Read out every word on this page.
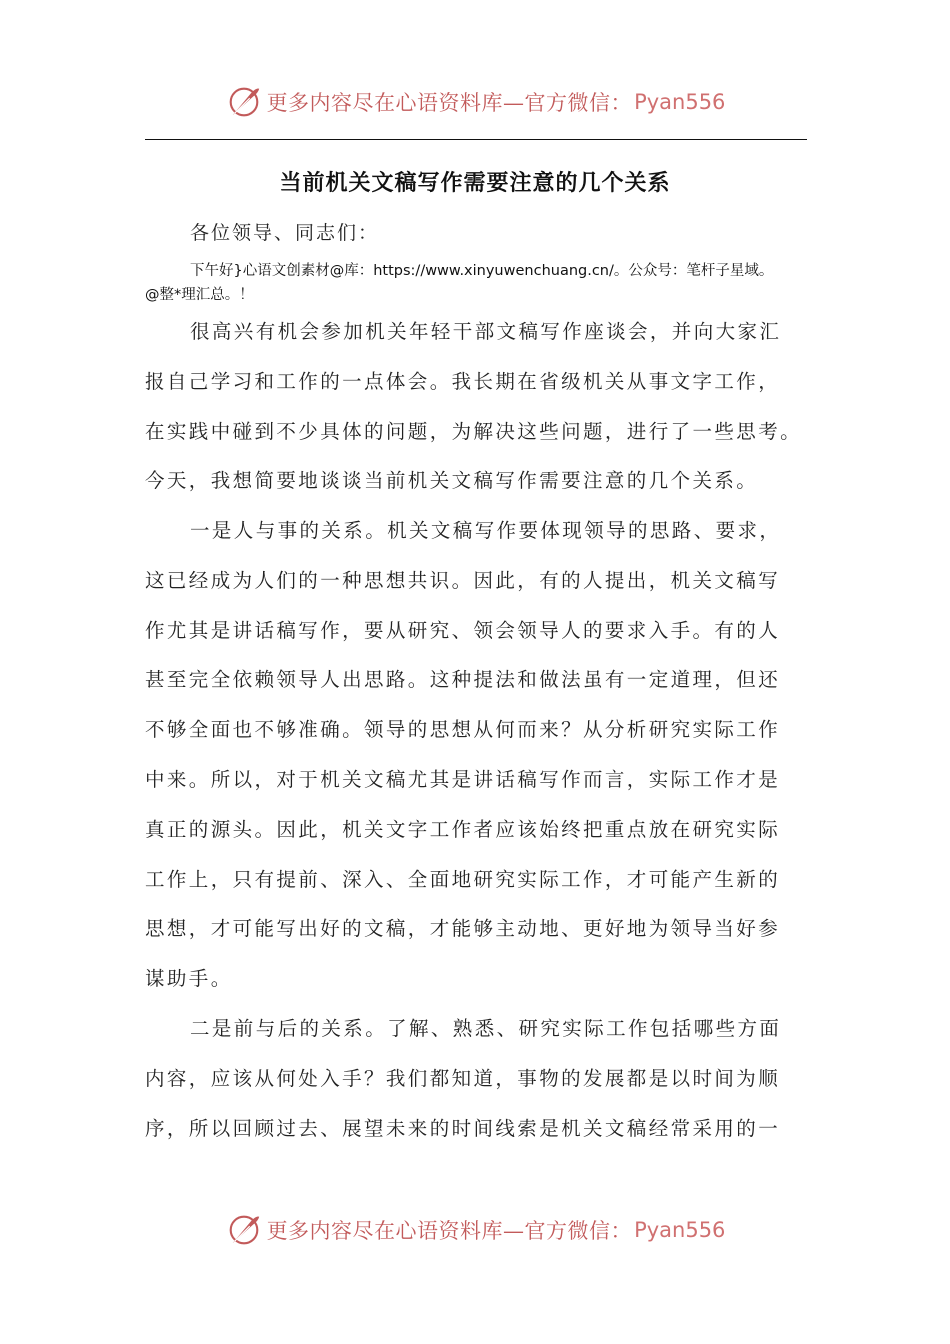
更多内容尽在心语资料库—官方微信： Pyan556
当前机关文稿写作需要注意的几个关系
各位领导、同志们：
下午好}心语文创素材@库：https://www.xinyuwenchuang.cn/。公众号：笔杆子星域。
@整*理汇总。！
很高兴有机会参加机关年轻干部文稿写作座谈会，并向大家汇
报自己学习和工作的一点体会。我长期在省级机关从事文字工作，
在实践中碰到不少具体的问题，为解决这些问题，进行了一些思考。
今天，我想简要地谈谈当前机关文稿写作需要注意的几个关系。
一是人与事的关系。机关文稿写作要体现领导的思路、要求，
这已经成为人们的一种思想共识。因此，有的人提出，机关文稿写
作尤其是讲话稿写作，要从研究、领会领导人的要求入手。有的人
甚至完全依赖领导人出思路。这种提法和做法虽有一定道理，但还
不够全面也不够准确。领导的思想从何而来？从分析研究实际工作
中来。所以，对于机关文稿尤其是讲话稿写作而言，实际工作才是
真正的源头。因此，机关文字工作者应该始终把重点放在研究实际
工作上，只有提前、深入、全面地研究实际工作，才可能产生新的
思想，才可能写出好的文稿，才能够主动地、更好地为领导当好参
谋助手。
二是前与后的关系。了解、熟悉、研究实际工作包括哪些方面
内容，应该从何处入手？我们都知道，事物的发展都是以时间为顺
序，所以回顾过去、展望未来的时间线索是机关文稿经常采用的一
更多内容尽在心语资料库—官方微信： Pyan556
